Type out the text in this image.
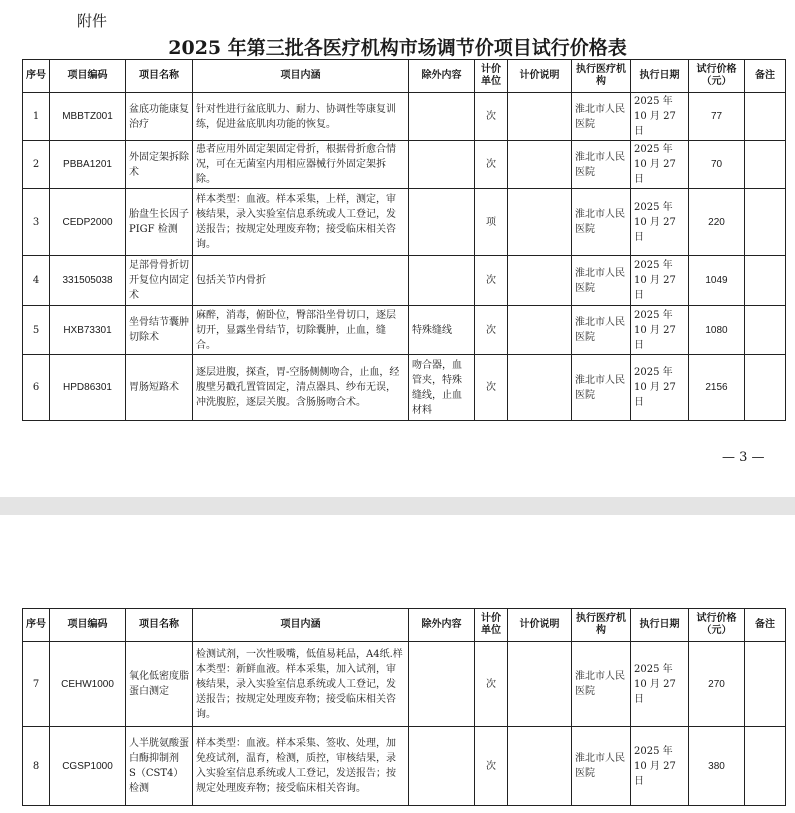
附件
2025 年第三批各医疗机构市场调节价项目试行价格表
序号	项目编码	项目名称	项目内涵	除外内容	计价单位	计价说明	执行医疗机构	执行日期	试行价格（元）	备注
1	MBBTZ001	盆底功能康复治疗	针对性进行盆底肌力、耐力、协调性等康复训练，促进盆底肌肉功能的恢复。		次		淮北市人民医院	2025 年 10 月 27 日	77	
2	PBBA1201	外固定架拆除术	患者应用外固定架固定骨折，根据骨折愈合情况，可在无菌室内用相应器械行外固定架拆除。		次		淮北市人民医院	2025 年 10 月 27 日	70	
3	CEDP2000	胎盘生长因子 PIGF 检测	样本类型：血液。样本采集，上样，测定，审核结果，录入实验室信息系统或人工登记，发送报告；按规定处理废弃物；接受临床相关咨询。		项		淮北市人民医院	2025 年 10 月 27 日	220	
4	331505038	足部骨骨折切开复位内固定术	包括关节内骨折		次		淮北市人民医院	2025 年 10 月 27 日	1049	
5	HXB73301	坐骨结节囊肿切除术	麻醉，消毒，俯卧位，臀部沿坐骨切口，逐层切开，显露坐骨结节，切除囊肿，止血，缝合。	特殊缝线	次		淮北市人民医院	2025 年 10 月 27 日	1080	
6	HPD86301	胃肠短路术	逐层进腹，探查，胃-空肠侧侧吻合，止血，经腹壁另戳孔置管固定，清点器具、纱布无误，冲洗腹腔，逐层关腹。含肠肠吻合术。	吻合器，血管夹，特殊缝线，止血材料	次		淮北市人民医院	2025 年 10 月 27 日	2156	
— 3 —
序号	项目编码	项目名称	项目内涵	除外内容	计价单位	计价说明	执行医疗机构	执行日期	试行价格（元）	备注
7	CEHW1000	氧化低密度脂蛋白测定	检测试剂，一次性吸嘴，低值易耗品，A4纸.样本类型：新鲜血液。样本采集，加入试剂，审核结果，录入实验室信息系统或人工登记，发送报告；按规定处理废弃物；接受临床相关咨询。		次		淮北市人民医院	2025 年 10 月 27 日	270	
8	CGSP1000	人半胱氨酸蛋白酶抑制剂 S（CST4）检测	样本类型：血液。样本采集、签收、处理，加免疫试剂，温育，检测，质控，审核结果，录入实验室信息系统或人工登记，发送报告；按规定处理废弃物；接受临床相关咨询。		次		淮北市人民医院	2025 年 10 月 27 日	380	
